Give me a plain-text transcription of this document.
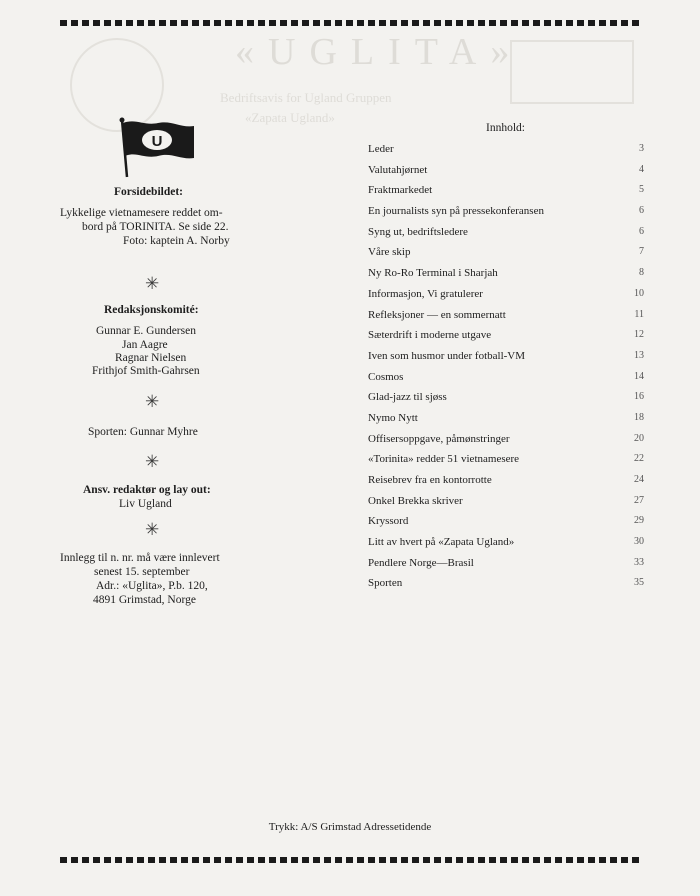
«UGLITA»
Bedriftsavis for Ugland Gruppen
«Zapata Ugland»
U
Forsidebildet:
Lykkelige vietnamesere reddet om-
bord på TORINITA. Se side 22.
Foto: kaptein A. Norby
✳
Redaksjonskomité:
Gunnar E. Gundersen
Jan Aagre
Ragnar Nielsen
Frithjof Smith-Gahrsen
✳
Sporten: Gunnar Myhre
✳
Ansv. redaktør og lay out:
Liv Ugland
✳
Innlegg til n. nr. må være innlevert
senest 15. september
Adr.: «Uglita», P.b. 120,
4891 Grimstad, Norge
Innhold:
Leder	3
Valutahjørnet	4
Fraktmarkedet	5
En journalists syn på pressekonferansen	6
Syng ut, bedriftsledere	6
Våre skip	7
Ny Ro-Ro Terminal i Sharjah	8
Informasjon, Vi gratulerer	10
Refleksjoner — en sommernatt	11
Sæterdrift i moderne utgave	12
Iven som husmor under fotball-VM	13
Cosmos	14
Glad-jazz til sjøss	16
Nymo Nytt	18
Offisersoppgave, påmønstringer	20
«Torinita» redder 51 vietnamesere	22
Reisebrev fra en kontorrotte	24
Onkel Brekka skriver	27
Kryssord	29
Litt av hvert på «Zapata Ugland»	30
Pendlere Norge—Brasil	33
Sporten	35
Trykk: A/S Grimstad Adressetidende
